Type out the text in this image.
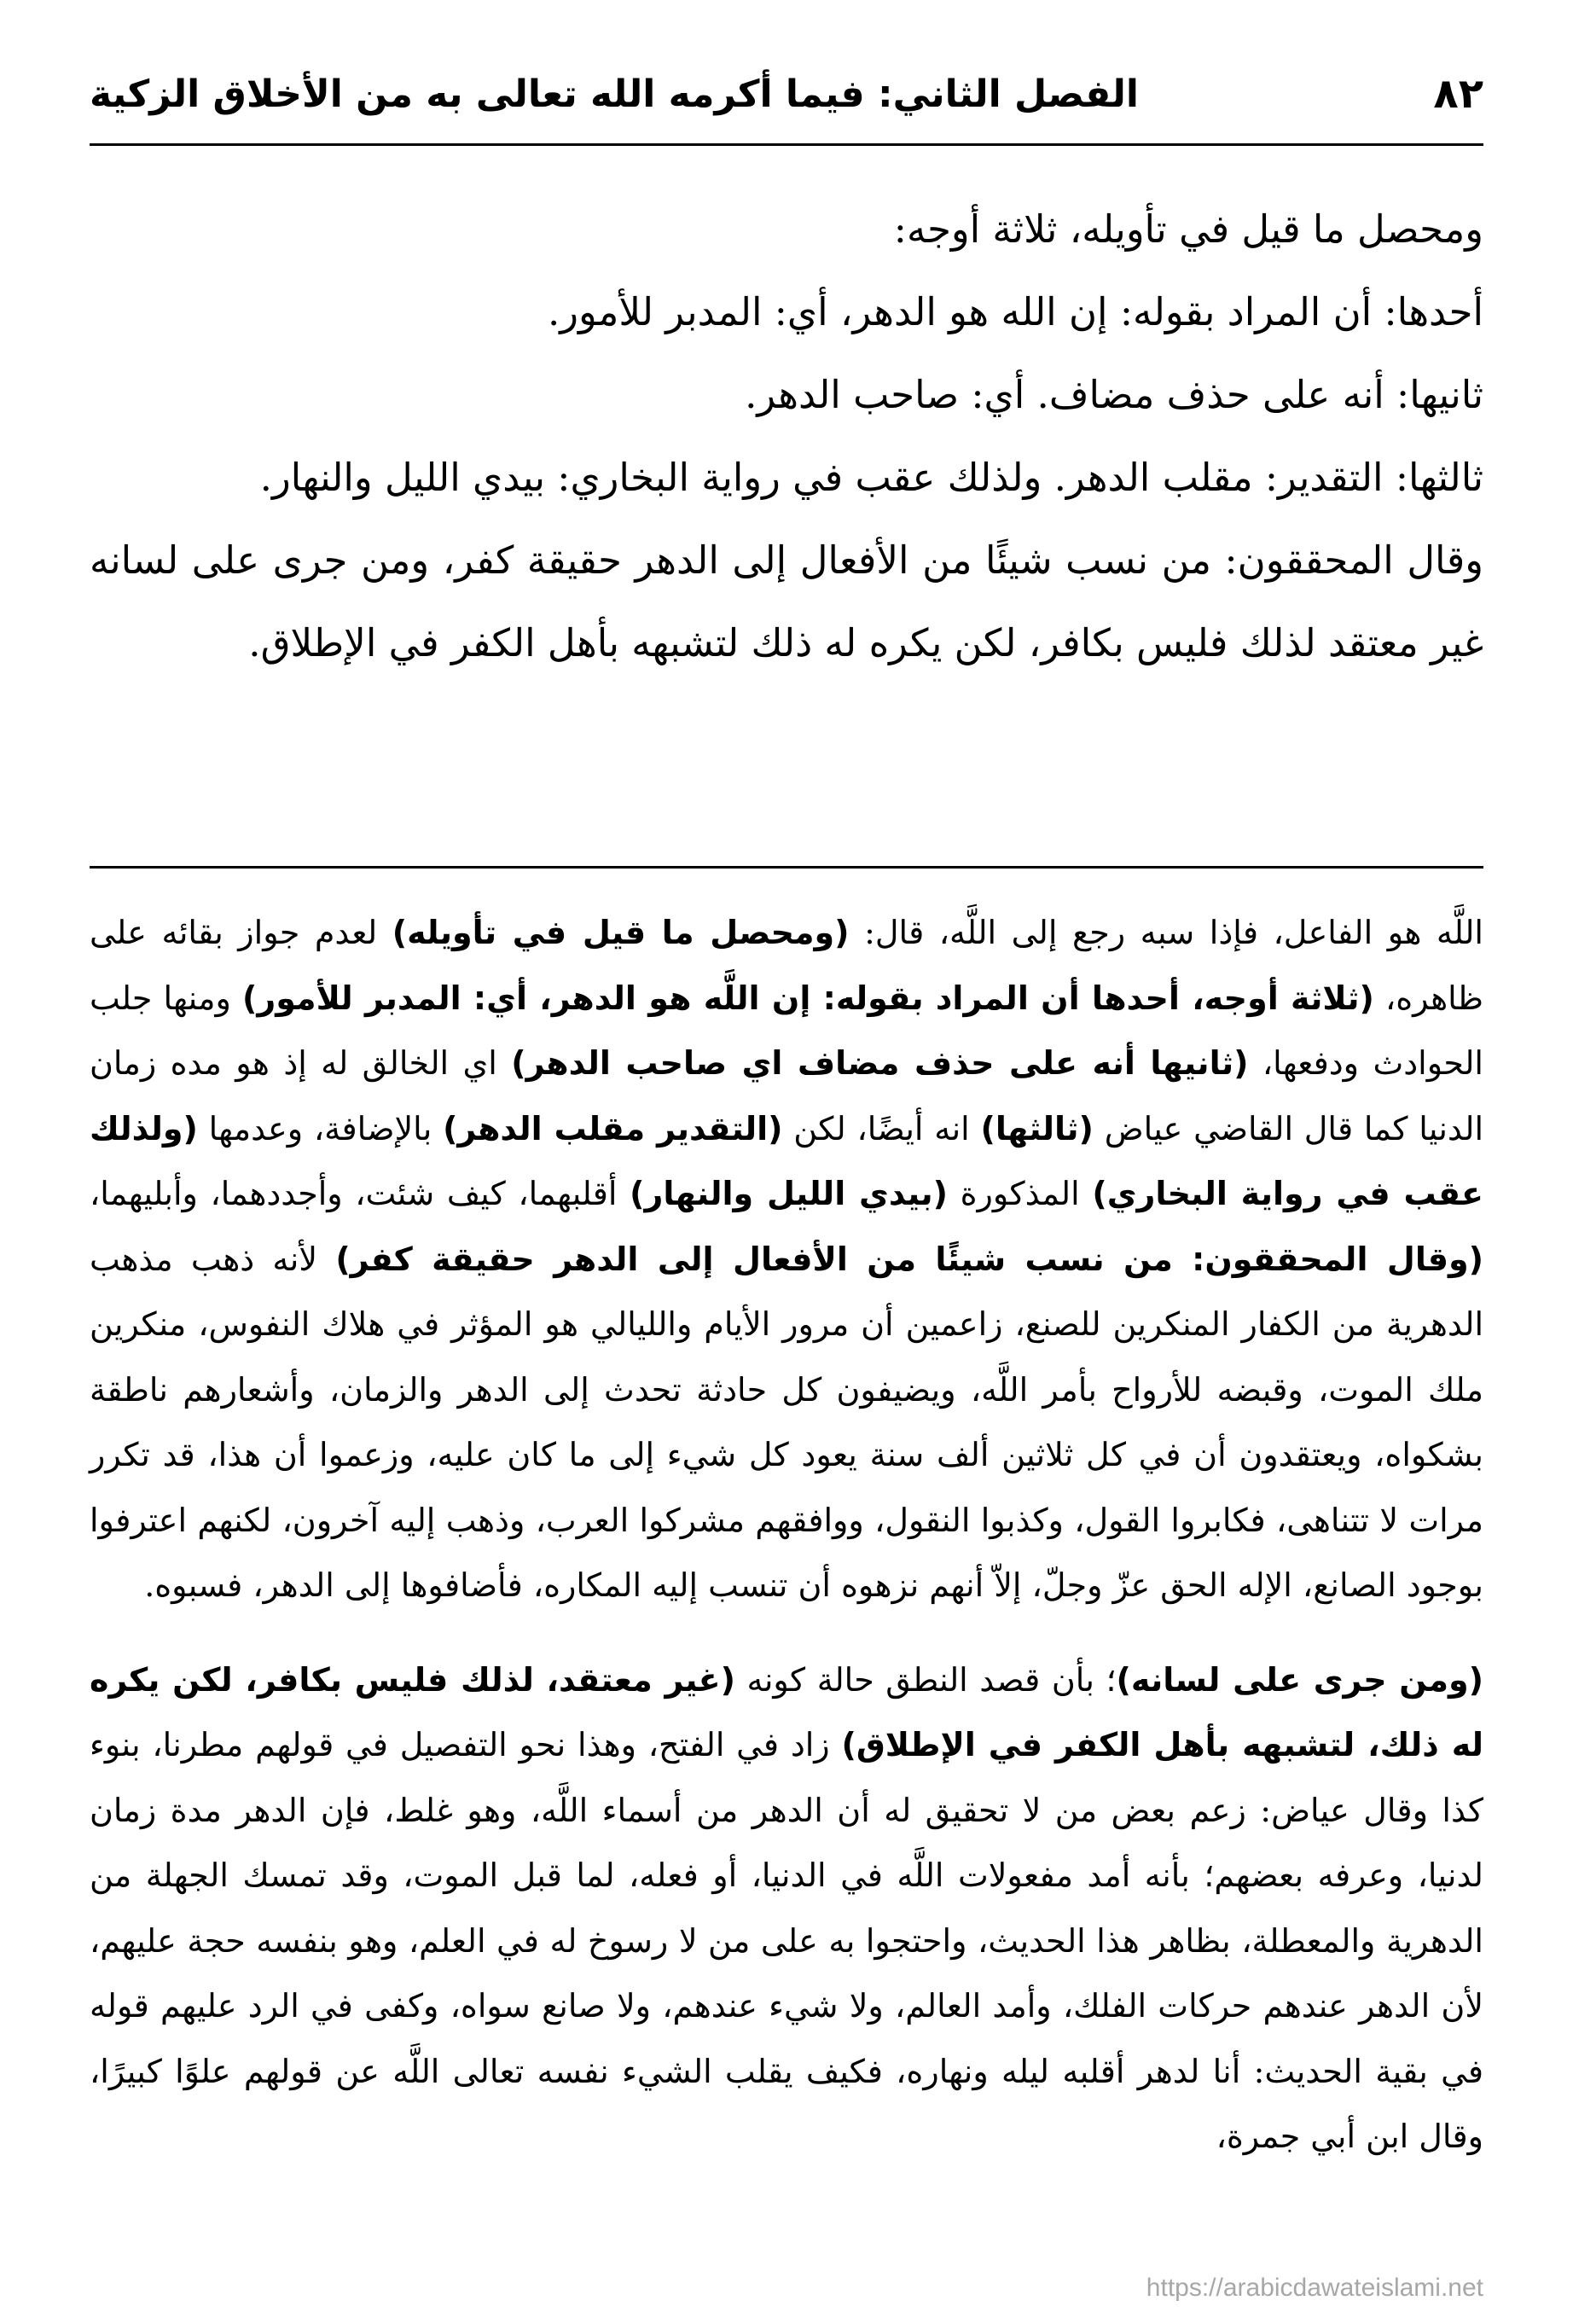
٨٢
الفصل الثاني: فيما أكرمه الله تعالى به من الأخلاق الزكية

ومحصل ما قيل في تأويله، ثلاثة أوجه:

أحدها: أن المراد بقوله: إن الله هو الدهر، أي: المدبر للأمور.

ثانيها: أنه على حذف مضاف. أي: صاحب الدهر.

ثالثها: التقدير: مقلب الدهر. ولذلك عقب في رواية البخاري: بيدي الليل والنهار.

وقال المحققون: من نسب شيئًا من الأفعال إلى الدهر حقيقة كفر، ومن جرى على لسانه غير معتقد لذلك فليس بكافر، لكن يكره له ذلك لتشبهه بأهل الكفر في الإطلاق.

اللَّه هو الفاعل، فإذا سبه رجع إلى اللَّه، قال: (ومحصل ما قيل في تأويله) لعدم جواز بقائه على ظاهره، (ثلاثة أوجه، أحدها أن المراد بقوله: إن اللَّه هو الدهر، أي: المدبر للأمور) ومنها جلب الحوادث ودفعها، (ثانيها أنه على حذف مضاف اي صاحب الدهر) اي الخالق له إذ هو مده زمان الدنيا كما قال القاضي عياض (ثالثها) انه أيضًا، لكن (التقدير مقلب الدهر) بالإضافة، وعدمها (ولذلك عقب في رواية البخاري) المذكورة (بيدي الليل والنهار) أقلبهما، كيف شئت، وأجددهما، وأبليهما، (وقال المحققون: من نسب شيئًا من الأفعال إلى الدهر حقيقة كفر) لأنه ذهب مذهب الدهرية من الكفار المنكرين للصنع، زاعمين أن مرور الأيام والليالي هو المؤثر في هلاك النفوس، منكرين ملك الموت، وقبضه للأرواح بأمر اللَّه، ويضيفون كل حادثة تحدث إلى الدهر والزمان، وأشعارهم ناطقة بشكواه، ويعتقدون أن في كل ثلاثين ألف سنة يعود كل شيء إلى ما كان عليه، وزعموا أن هذا، قد تكرر مرات لا تتناهى، فكابروا القول، وكذبوا النقول، ووافقهم مشركوا العرب، وذهب إليه آخرون، لكنهم اعترفوا بوجود الصانع، الإله الحق عزّ وجلّ، إلاّ أنهم نزهوه أن تنسب إليه المكاره، فأضافوها إلى الدهر، فسبوه.

(ومن جرى على لسانه)؛ بأن قصد النطق حالة كونه (غير معتقد، لذلك فليس بكافر، لكن يكره له ذلك، لتشبهه بأهل الكفر في الإطلاق) زاد في الفتح، وهذا نحو التفصيل في قولهم مطرنا، بنوء كذا وقال عياض: زعم بعض من لا تحقيق له أن الدهر من أسماء اللَّه، وهو غلط، فإن الدهر مدة زمان لدنيا، وعرفه بعضهم؛ بأنه أمد مفعولات اللَّه في الدنيا، أو فعله، لما قبل الموت، وقد تمسك الجهلة من الدهرية والمعطلة، بظاهر هذا الحديث، واحتجوا به على من لا رسوخ له في العلم، وهو بنفسه حجة عليهم، لأن الدهر عندهم حركات الفلك، وأمد العالم، ولا شيء عندهم، ولا صانع سواه، وكفى في الرد عليهم قوله في بقية الحديث: أنا لدهر أقلبه ليله ونهاره، فكيف يقلب الشيء نفسه تعالى اللَّه عن قولهم علوًا كبيرًا، وقال ابن أبي جمرة،

https://arabicdawateislami.net
